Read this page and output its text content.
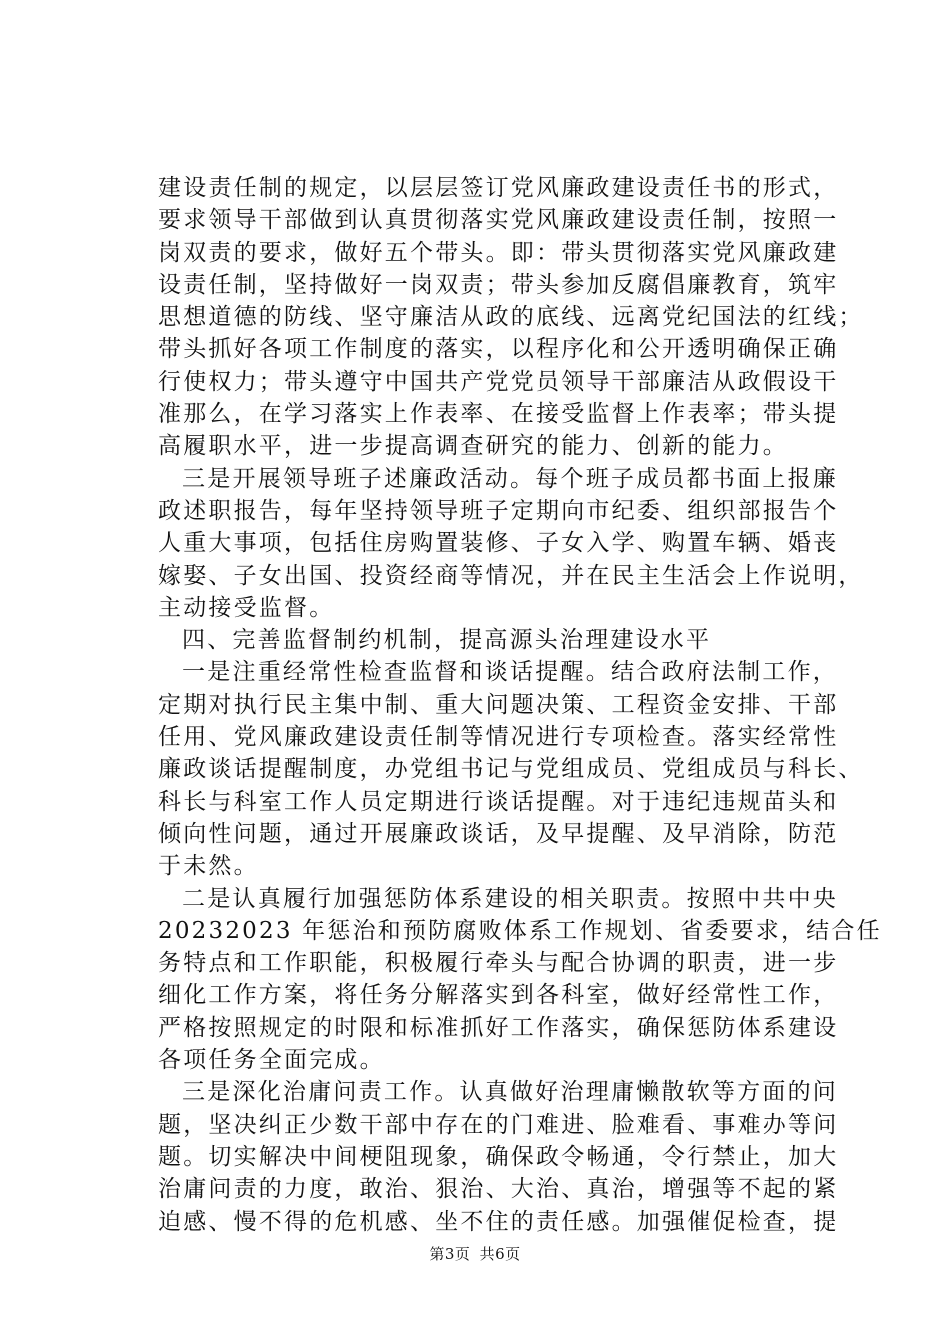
建设责任制的规定，以层层签订党风廉政建设责任书的形式，
要求领导干部做到认真贯彻落实党风廉政建设责任制，按照一
岗双责的要求，做好五个带头。即：带头贯彻落实党风廉政建
设责任制，坚持做好一岗双责；带头参加反腐倡廉教育，筑牢
思想道德的防线、坚守廉洁从政的底线、远离党纪国法的红线；
带头抓好各项工作制度的落实，以程序化和公开透明确保正确
行使权力；带头遵守中国共产党党员领导干部廉洁从政假设干
准那么，在学习落实上作表率、在接受监督上作表率；带头提
高履职水平，进一步提高调查研究的能力、创新的能力。

三是开展领导班子述廉政活动。每个班子成员都书面上报廉
政述职报告，每年坚持领导班子定期向市纪委、组织部报告个
人重大事项，包括住房购置装修、子女入学、购置车辆、婚丧
嫁娶、子女出国、投资经商等情况，并在民主生活会上作说明，
主动接受监督。

四、完善监督制约机制，提高源头治理建设水平

一是注重经常性检查监督和谈话提醒。结合政府法制工作，
定期对执行民主集中制、重大问题决策、工程资金安排、干部
任用、党风廉政建设责任制等情况进行专项检查。落实经常性
廉政谈话提醒制度，办党组书记与党组成员、党组成员与科长、
科长与科室工作人员定期进行谈话提醒。对于违纪违规苗头和
倾向性问题，通过开展廉政谈话，及早提醒、及早消除，防范
于未然。

二是认真履行加强惩防体系建设的相关职责。按照中共中央
20232023 年惩治和预防腐败体系工作规划、省委要求，结合任
务特点和工作职能，积极履行牵头与配合协调的职责，进一步
细化工作方案，将任务分解落实到各科室，做好经常性工作，
严格按照规定的时限和标准抓好工作落实，确保惩防体系建设
各项任务全面完成。

三是深化治庸问责工作。认真做好治理庸懒散软等方面的问
题，坚决纠正少数干部中存在的门难进、脸难看、事难办等问
题。切实解决中间梗阻现象，确保政令畅通，令行禁止，加大
治庸问责的力度，敢治、狠治、大治、真治，增强等不起的紧
迫感、慢不得的危机感、坐不住的责任感。加强催促检查，提

第3页 共6页
